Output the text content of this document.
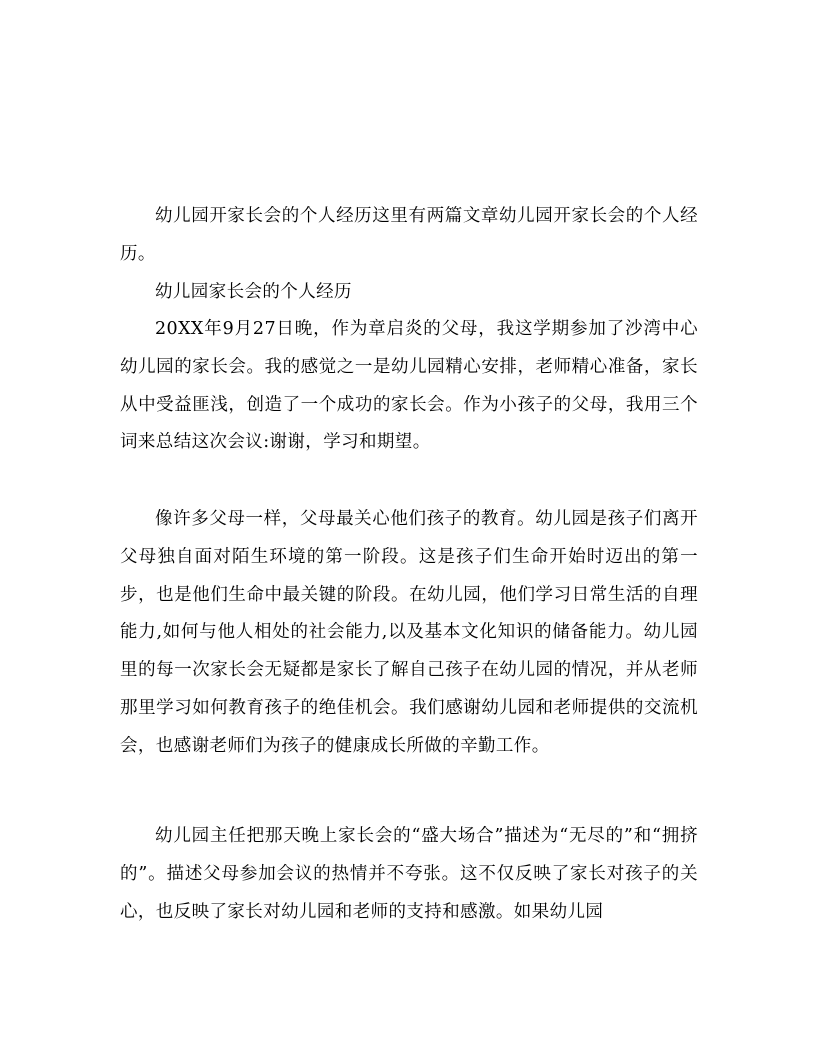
幼儿园开家长会的个人经历这里有两篇文章幼儿园开家长会的个人经历。

幼儿园家长会的个人经历

20XX年9月27日晚，作为章启炎的父母，我这学期参加了沙湾中心幼儿园的家长会。我的感觉之一是幼儿园精心安排，老师精心准备，家长从中受益匪浅，创造了一个成功的家长会。作为小孩子的父母，我用三个词来总结这次会议:谢谢，学习和期望。

像许多父母一样，父母最关心他们孩子的教育。幼儿园是孩子们离开父母独自面对陌生环境的第一阶段。这是孩子们生命开始时迈出的第一步，也是他们生命中最关键的阶段。在幼儿园，他们学习日常生活的自理能力,如何与他人相处的社会能力,以及基本文化知识的储备能力。幼儿园里的每一次家长会无疑都是家长了解自己孩子在幼儿园的情况，并从老师那里学习如何教育孩子的绝佳机会。我们感谢幼儿园和老师提供的交流机会，也感谢老师们为孩子的健康成长所做的辛勤工作。

幼儿园主任把那天晚上家长会的“盛大场合”描述为“无尽的”和“拥挤的”。描述父母参加会议的热情并不夸张。这不仅反映了家长对孩子的关心，也反映了家长对幼儿园和老师的支持和感激。如果幼儿园
